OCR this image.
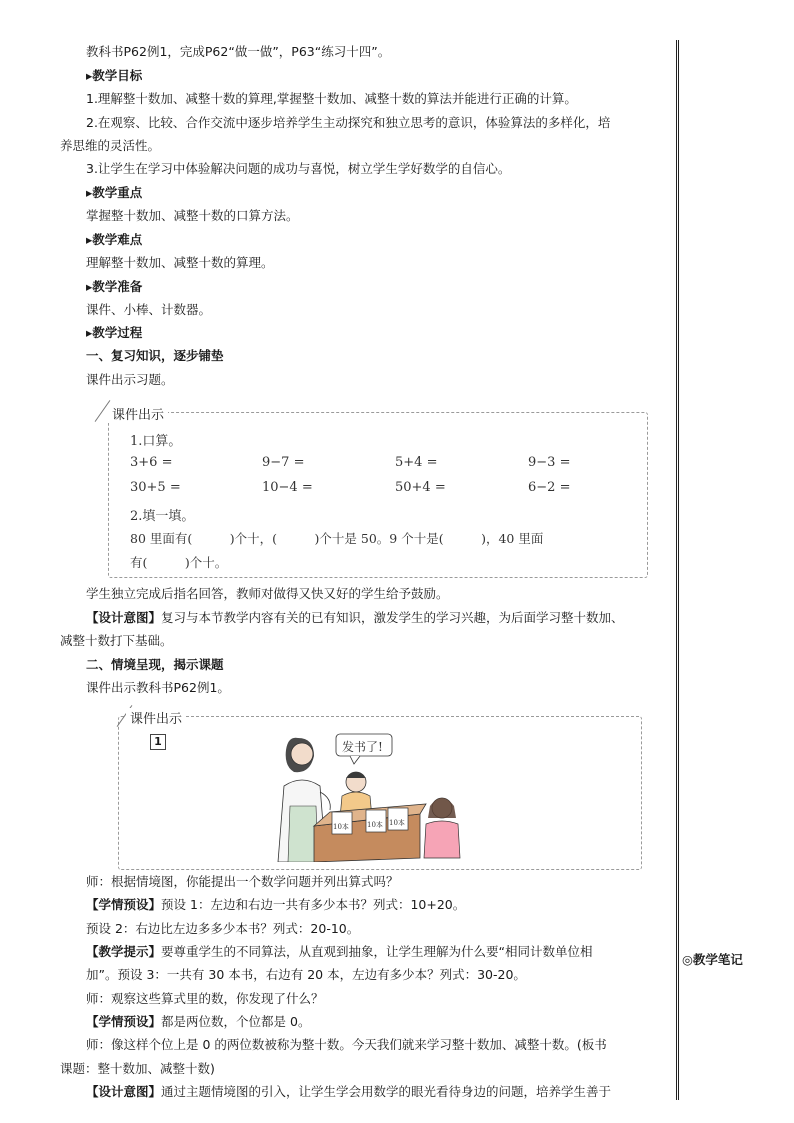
教科书P62例1，完成P62“做一做”，P63“练习十四”。
▸教学目标
1.理解整十数加、减整十数的算理,掌握整十数加、减整十数的算法并能进行正确的计算。
2.在观察、比较、合作交流中逐步培养学生主动探究和独立思考的意识，体验算法的多样化，培
养思维的灵活性。
3.让学生在学习中体验解决问题的成功与喜悦，树立学生学好数学的自信心。
▸教学重点
掌握整十数加、减整十数的口算方法。
▸教学难点
理解整十数加、减整十数的算理。
▸教学准备
课件、小棒、计数器。
▸教学过程
一、复习知识，逐步铺垫
课件出示习题。
课件出示
1.口算。
3+6 =	9−7 =	5+4 =	9−3 =
30+5 =	10−4 =	50+4 =	6−2 =
2.填一填。
80 里面有(　　　)个十，(　　　)个十是 50。9 个十是(　　　)，40 里面
有(　　　)个十。
学生独立完成后指名回答，教师对做得又快又好的学生给予鼓励。
【设计意图】复习与本节教学内容有关的已有知识，激发学生的学习兴趣，为后面学习整十数加、
减整十数打下基础。
二、情境呈现，揭示课题
课件出示教科书P62例1。
课件出示
1	发书了!
10本	10本 10本
师：根据情境图，你能提出一个数学问题并列出算式吗？
【学情预设】预设 1：左边和右边一共有多少本书？列式：10+20。
预设 2：右边比左边多多少本书？列式：20-10。
【教学提示】要尊重学生的不同算法，从直观到抽象，让学生理解为什么要“相同计数单位相
加”。预设 3：一共有 30 本书，右边有 20 本，左边有多少本？列式：30-20。
师：观察这些算式里的数，你发现了什么？
【学情预设】都是两位数，个位都是 0。
师：像这样个位上是 0 的两位数被称为整十数。今天我们就来学习整十数加、减整十数。(板书
课题：整十数加、减整十数)
【设计意图】通过主题情境图的引入，让学生学会用数学的眼光看待身边的问题，培养学生善于
◎教学笔记
